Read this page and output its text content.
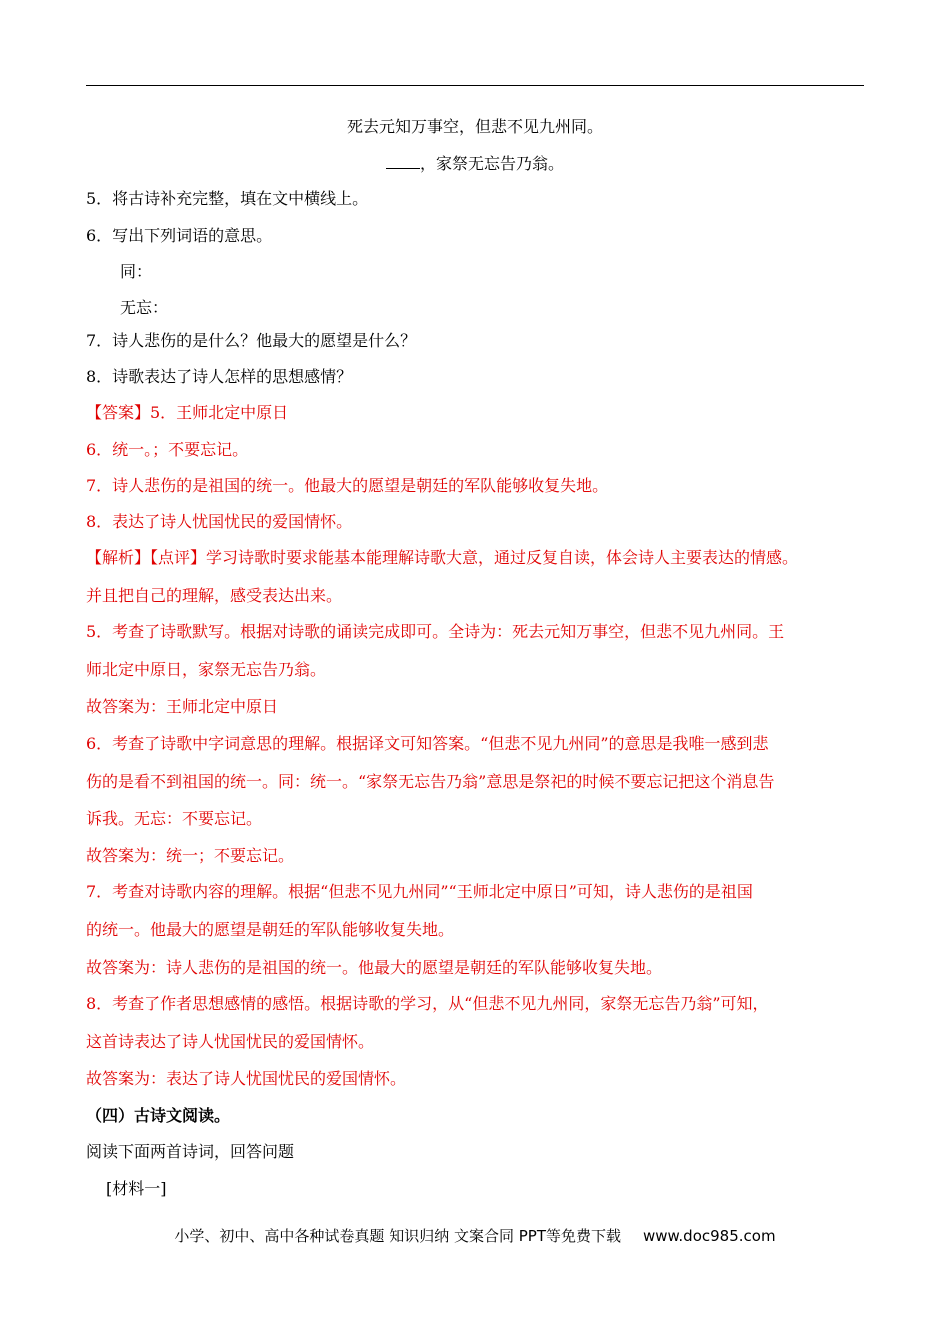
死去元知万事空，但悲不见九州同。
，家祭无忘告乃翁。
5．将古诗补充完整，填在文中横线上。
6．写出下列词语的意思。
同：
无忘：
7．诗人悲伤的是什么？他最大的愿望是什么？
8．诗歌表达了诗人怎样的思想感情？
【答案】5．王师北定中原日
6．统一。；不要忘记。
7．诗人悲伤的是祖国的统一。他最大的愿望是朝廷的军队能够收复失地。
8．表达了诗人忧国忧民的爱国情怀。
【解析】【点评】学习诗歌时要求能基本能理解诗歌大意，通过反复自读，体会诗人主要表达的情感。
并且把自己的理解，感受表达出来。
5．考查了诗歌默写。根据对诗歌的诵读完成即可。全诗为：死去元知万事空，但悲不见九州同。王
师北定中原日，家祭无忘告乃翁。
故答案为：王师北定中原日
6．考查了诗歌中字词意思的理解。根据译文可知答案。“但悲不见九州同”的意思是我唯一感到悲
伤的是看不到祖国的统一。同：统一。“家祭无忘告乃翁”意思是祭祀的时候不要忘记把这个消息告
诉我。无忘：不要忘记。
故答案为：统一；不要忘记。
7．考查对诗歌内容的理解。根据“但悲不见九州同”“王师北定中原日”可知，诗人悲伤的是祖国
的统一。他最大的愿望是朝廷的军队能够收复失地。
故答案为：诗人悲伤的是祖国的统一。他最大的愿望是朝廷的军队能够收复失地。
8．考查了作者思想感情的感悟。根据诗歌的学习，从“但悲不见九州同，家祭无忘告乃翁”可知，
这首诗表达了诗人忧国忧民的爱国情怀。
故答案为：表达了诗人忧国忧民的爱国情怀。
（四）古诗文阅读。
阅读下面两首诗词，回答问题
[材料一]
小学、初中、高中各种试卷真题 知识归纳 文案合同 PPT等免费下载 www.doc985.com
